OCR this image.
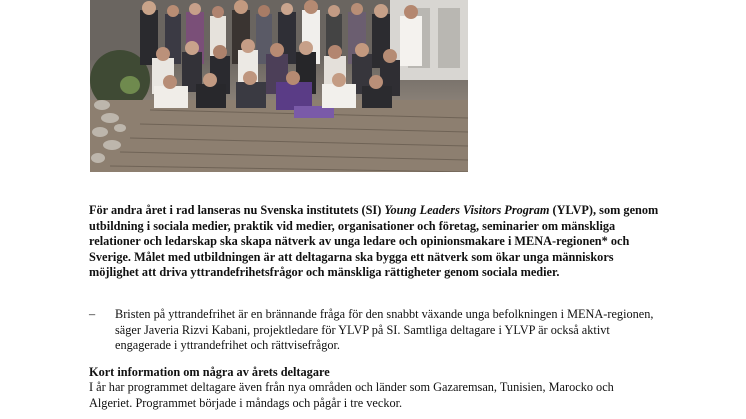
För andra året i rad lanseras nu Svenska institutets (SI) Young Leaders Visitors Program (YLVP), som genom utbildning i sociala medier, praktik vid medier, organisationer och företag, seminarier om mänskliga relationer och ledarskap ska skapa nätverk av unga ledare och opinionsmakare i MENA-regionen* och Sverige. Målet med utbildningen är att deltagarna ska bygga ett nätverk som ökar unga människors möjlighet att driva yttrandefrihetsfrågor och mänskliga rättigheter genom sociala medier.

– Bristen på yttrandefrihet är en brännande fråga för den snabbt växande unga befolkningen i MENA-regionen, säger Javeria Rizvi Kabani, projektledare för YLVP på SI. Samtliga deltagare i YLVP är också aktivt engagerade i yttrandefrihet och rättvisefrågor.

Kort information om några av årets deltagare

I år har programmet deltagare även från nya områden och länder som Gazaremsan, Tunisien, Marocko och Algeriet. Programmet började i måndags och pågår i tre veckor.
